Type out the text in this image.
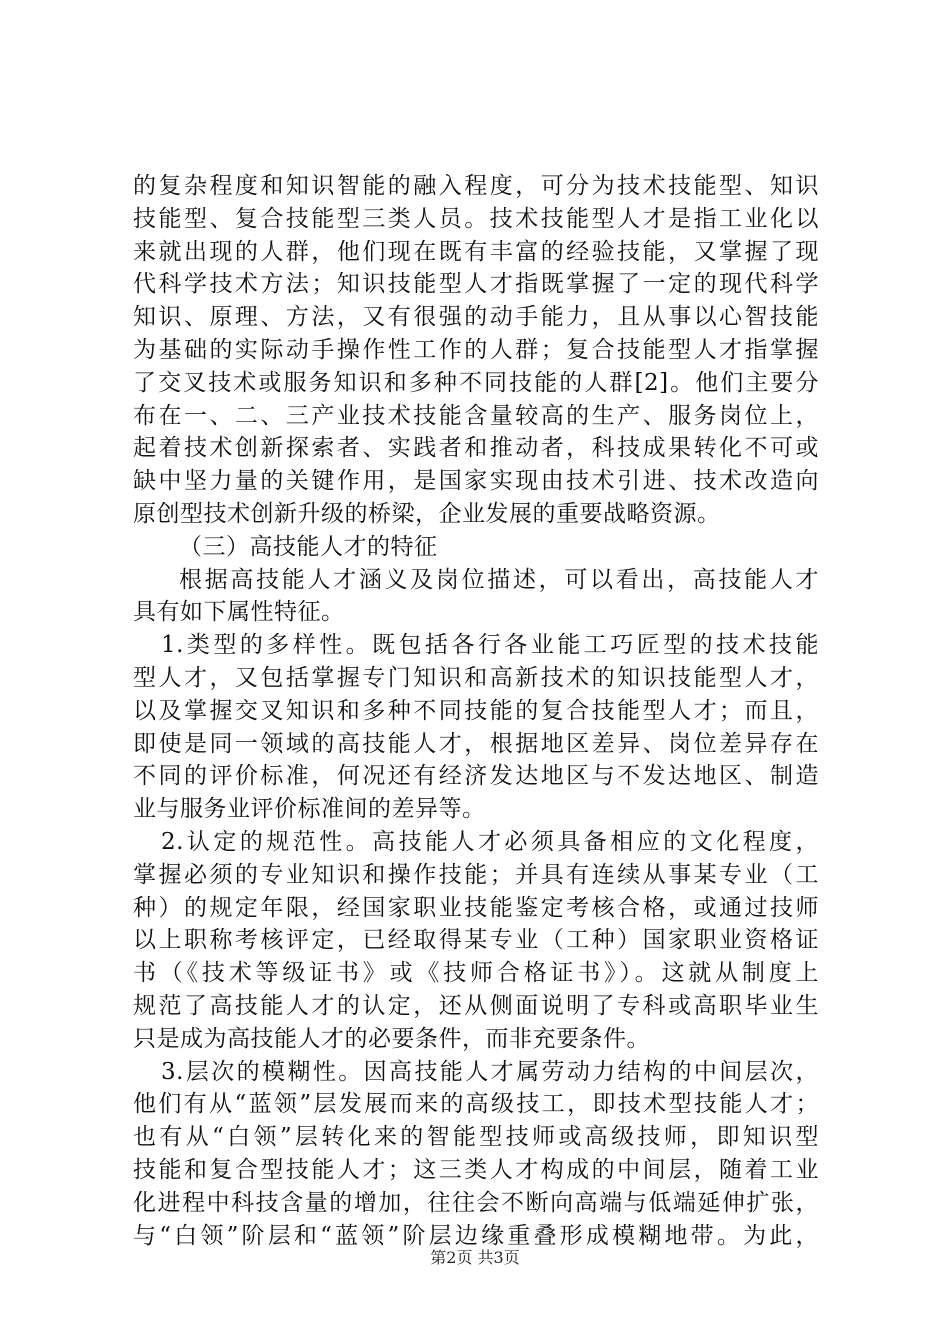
的复杂程度和知识智能的融入程度，可分为技术技能型、知识
技能型、复合技能型三类人员。技术技能型人才是指工业化以
来就出现的人群，他们现在既有丰富的经验技能，又掌握了现
代科学技术方法；知识技能型人才指既掌握了一定的现代科学
知识、原理、方法，又有很强的动手能力，且从事以心智技能
为基础的实际动手操作性工作的人群；复合技能型人才指掌握
了交叉技术或服务知识和多种不同技能的人群[2]。他们主要分
布在一、二、三产业技术技能含量较高的生产、服务岗位上，
起着技术创新探索者、实践者和推动者，科技成果转化不可或
缺中坚力量的关键作用，是国家实现由技术引进、技术改造向
原创型技术创新升级的桥梁，企业发展的重要战略资源。
（三）高技能人才的特征
根据高技能人才涵义及岗位描述，可以看出，高技能人才
具有如下属性特征。
1.类型的多样性。既包括各行各业能工巧匠型的技术技能
型人才，又包括掌握专门知识和高新技术的知识技能型人才，
以及掌握交叉知识和多种不同技能的复合技能型人才；而且，
即使是同一领域的高技能人才，根据地区差异、岗位差异存在
不同的评价标准，何况还有经济发达地区与不发达地区、制造
业与服务业评价标准间的差异等。
2.认定的规范性。高技能人才必须具备相应的文化程度，
掌握必须的专业知识和操作技能；并具有连续从事某专业（工
种）的规定年限，经国家职业技能鉴定考核合格，或通过技师
以上职称考核评定，已经取得某专业（工种）国家职业资格证
书（《技术等级证书》或《技师合格证书》）。这就从制度上
规范了高技能人才的认定，还从侧面说明了专科或高职毕业生
只是成为高技能人才的必要条件，而非充要条件。
3.层次的模糊性。因高技能人才属劳动力结构的中间层次，
他们有从“蓝领”层发展而来的高级技工，即技术型技能人才；
也有从“白领”层转化来的智能型技师或高级技师，即知识型
技能和复合型技能人才；这三类人才构成的中间层，随着工业
化进程中科技含量的增加，往往会不断向高端与低端延伸扩张，
与“白领”阶层和“蓝领”阶层边缘重叠形成模糊地带。为此，
第2页 共3页
